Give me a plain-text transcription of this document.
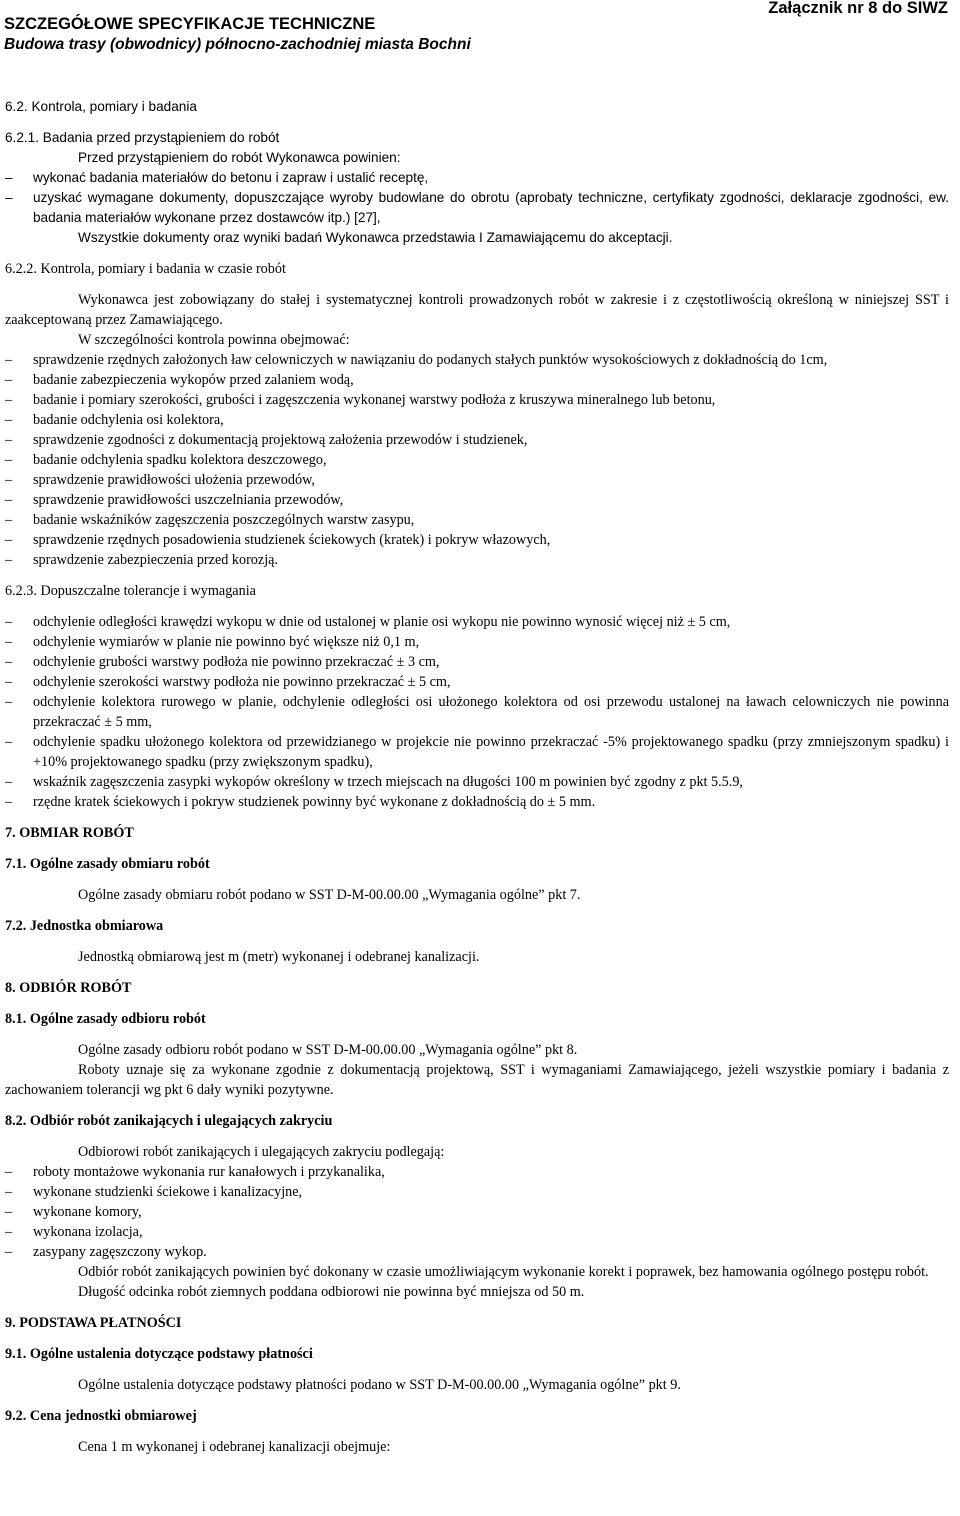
SZCZEGÓŁOWE SPECYFIKACJE TECHNICZNE
Budowa trasy (obwodnicy) północno-zachodniej miasta Bochni
Załącznik nr 8 do SIWZ

6.2. Kontrola, pomiary i badania

6.2.1. Badania przed przystąpieniem do robót

Przed przystąpieniem do robót Wykonawca powinien:

– wykonać badania materiałów do betonu i zapraw i ustalić receptę,
– uzyskać wymagane dokumenty, dopuszczające wyroby budowlane do obrotu (aprobaty techniczne, certyfikaty zgodności, deklaracje zgodności, ew. badania materiałów wykonane przez dostawców itp.) [27],

Wszystkie dokumenty oraz wyniki badań Wykonawca przedstawia I Zamawiającemu do akceptacji.

6.2.2. Kontrola, pomiary i badania w czasie robót

Wykonawca jest zobowiązany do stałej i systematycznej kontroli prowadzonych robót w zakresie i z częstotliwością określoną w niniejszej SST i zaakceptowaną przez Zamawiającego.

W szczególności kontrola powinna obejmować:

– sprawdzenie rzędnych założonych ław celowniczych w nawiązaniu do podanych stałych punktów wysokościowych z dokładnością do 1cm,
– badanie zabezpieczenia wykopów przed zalaniem wodą,
– badanie i pomiary szerokości, grubości i zagęszczenia wykonanej warstwy podłoża z kruszywa mineralnego lub betonu,
– badanie odchylenia osi kolektora,
– sprawdzenie zgodności z dokumentacją projektową założenia przewodów i studzienek,
– badanie odchylenia spadku kolektora deszczowego,
– sprawdzenie prawidłowości ułożenia przewodów,
– sprawdzenie prawidłowości uszczelniania przewodów,
– badanie wskaźników zagęszczenia poszczególnych warstw zasypu,
– sprawdzenie rzędnych posadowienia studzienek ściekowych (kratek) i pokryw włazowych,
– sprawdzenie zabezpieczenia przed korozją.

6.2.3. Dopuszczalne tolerancje i wymagania

– odchylenie odległości krawędzi wykopu w dnie od ustalonej w planie osi wykopu nie powinno wynosić więcej niż ± 5 cm,
– odchylenie wymiarów w planie nie powinno być większe niż 0,1 m,
– odchylenie grubości warstwy podłoża nie powinno przekraczać ± 3 cm,
– odchylenie szerokości warstwy podłoża nie powinno przekraczać ± 5 cm,
– odchylenie kolektora rurowego w planie, odchylenie odległości osi ułożonego kolektora od osi przewodu ustalonej na ławach celowniczych nie powinna przekraczać ± 5 mm,
– odchylenie spadku ułożonego kolektora od przewidzianego w projekcie nie powinno przekraczać -5% projektowanego spadku (przy zmniejszonym spadku) i +10% projektowanego spadku (przy zwiększonym spadku),
– wskaźnik zagęszczenia zasypki wykopów określony w trzech miejscach na długości 100 m powinien być zgodny z pkt 5.5.9,
– rzędne kratek ściekowych i pokryw studzienek powinny być wykonane z dokładnością do ± 5 mm.

7. OBMIAR ROBÓT

7.1. Ogólne zasady obmiaru robót

Ogólne zasady obmiaru robót podano w SST D-M-00.00.00 „Wymagania ogólne” pkt 7.

7.2. Jednostka obmiarowa

Jednostką obmiarową jest m (metr) wykonanej i odebranej kanalizacji.

8. ODBIÓR ROBÓT

8.1. Ogólne zasady odbioru robót

Ogólne zasady odbioru robót podano w SST D-M-00.00.00 „Wymagania ogólne” pkt 8.

Roboty uznaje się za wykonane zgodnie z dokumentacją projektową, SST i wymaganiami Zamawiającego, jeżeli wszystkie pomiary i badania z zachowaniem tolerancji wg pkt 6 dały wyniki pozytywne.

8.2. Odbiór robót zanikających i ulegających zakryciu

Odbiorowi robót zanikających i ulegających zakryciu podlegają:

– roboty montażowe wykonania rur kanałowych i przykanalika,
– wykonane studzienki ściekowe i kanalizacyjne,
– wykonane komory,
– wykonana izolacja,
– zasypany zagęszczony wykop.

Odbiór robót zanikających powinien być dokonany w czasie umożliwiającym wykonanie korekt i poprawek, bez hamowania ogólnego postępu robót.

Długość odcinka robót ziemnych poddana odbiorowi nie powinna być mniejsza od 50 m.

9. PODSTAWA PŁATNOŚCI

9.1. Ogólne ustalenia dotyczące podstawy płatności

Ogólne ustalenia dotyczące podstawy płatności podano w SST D-M-00.00.00 „Wymagania ogólne” pkt 9.

9.2. Cena jednostki obmiarowej

Cena 1 m wykonanej i odebranej kanalizacji obejmuje:
